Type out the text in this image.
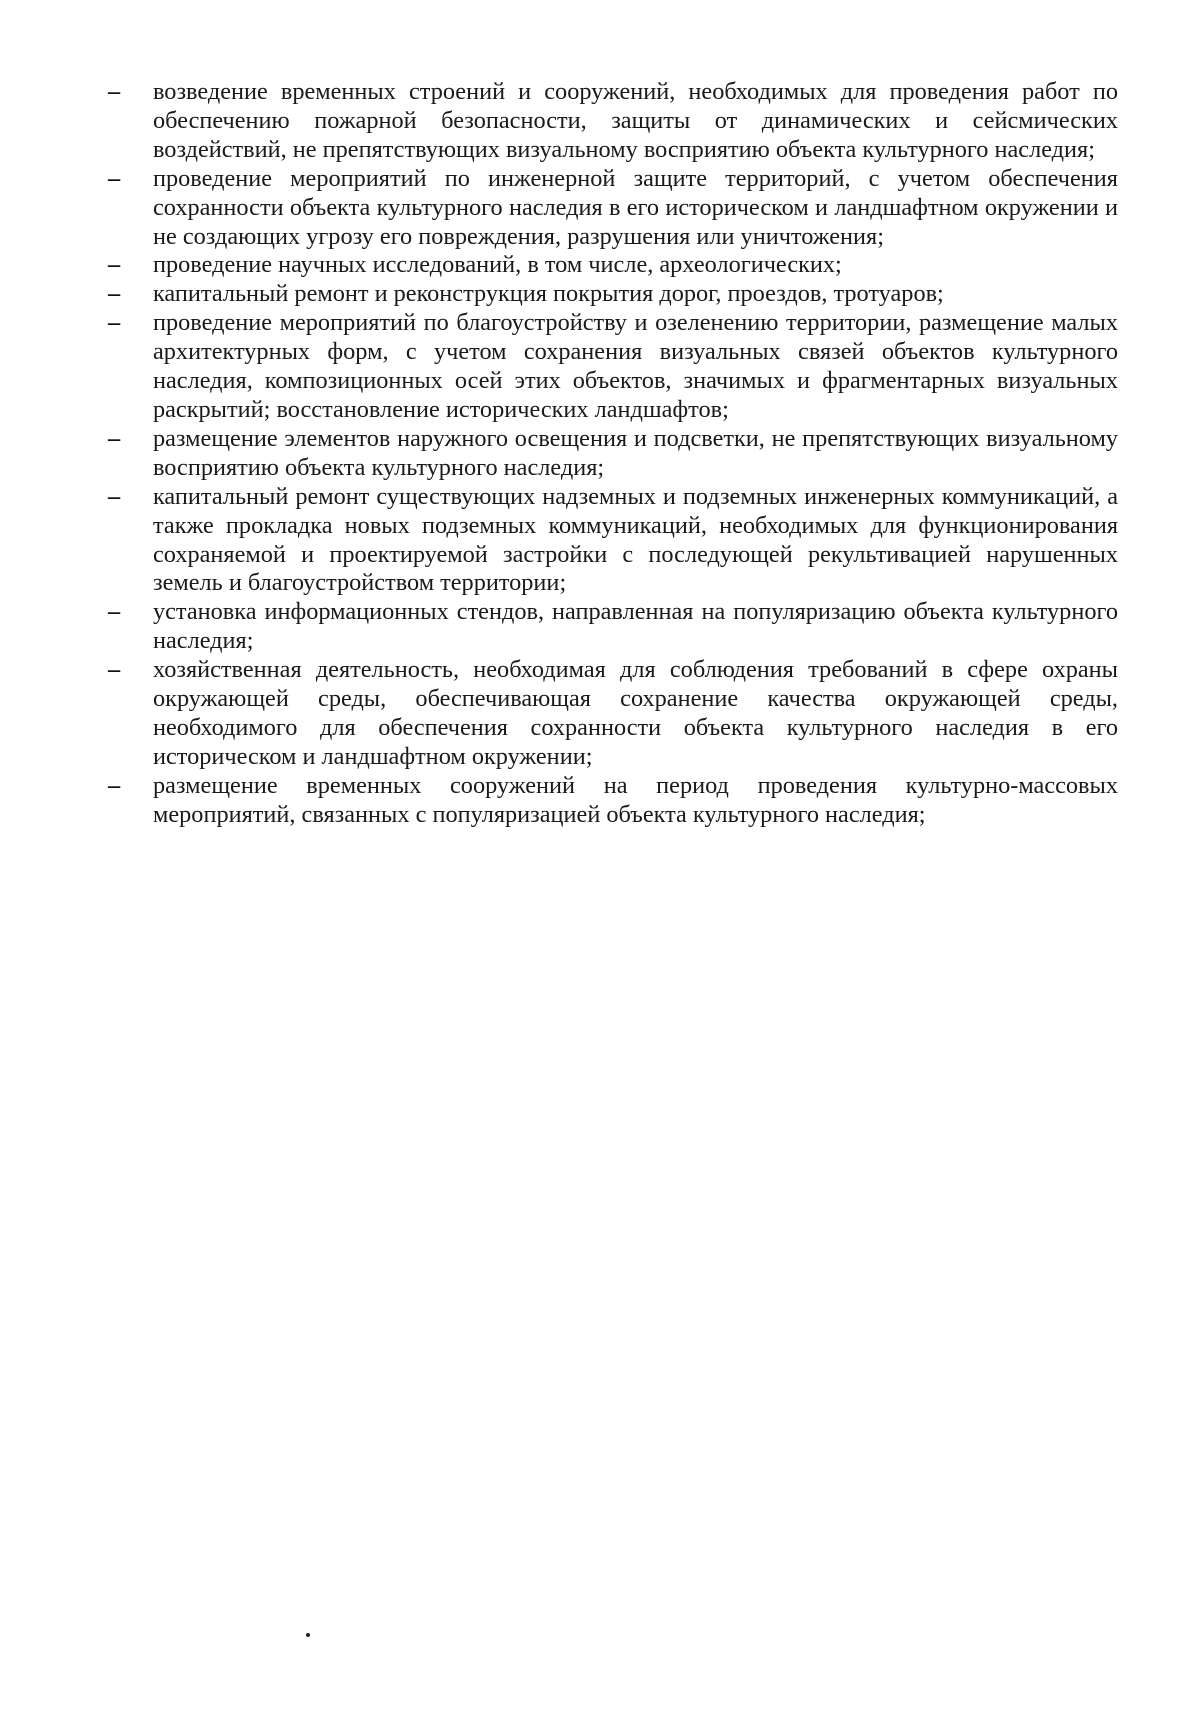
–	возведение временных строений и сооружений, необходимых для проведения работ по обеспечению пожарной безопасности, защиты от динамических и сейсмических воздействий, не препятствующих визуальному восприятию объекта культурного наследия;
–	проведение мероприятий по инженерной защите территорий, с учетом обеспечения сохранности объекта культурного наследия в его историческом и ландшафтном окружении и не создающих угрозу его повреждения, разрушения или уничтожения;
–	проведение научных исследований, в том числе, археологических;
–	капитальный ремонт и реконструкция покрытия дорог, проездов, тротуаров;
–	проведение мероприятий по благоустройству и озеленению территории, размещение малых архитектурных форм, с учетом сохранения визуальных связей объектов культурного наследия, композиционных осей этих объектов, значимых и фрагментарных визуальных раскрытий; восстановление исторических ландшафтов;
–	размещение элементов наружного освещения и подсветки, не препятствующих визуальному восприятию объекта культурного наследия;
–	капитальный ремонт существующих надземных и подземных инженерных коммуникаций, а также прокладка новых подземных коммуникаций, необходимых для функционирования сохраняемой и проектируемой застройки с последующей рекультивацией нарушенных земель и благоустройством территории;
–	установка информационных стендов, направленная на популяризацию объекта культурного наследия;
–	хозяйственная деятельность, необходимая для соблюдения требований в сфере охраны окружающей среды, обеспечивающая сохранение качества окружающей среды, необходимого для обеспечения сохранности объекта культурного наследия в его историческом и ландшафтном окружении;
–	размещение временных сооружений на период проведения культурно-массовых мероприятий, связанных с популяризацией объекта культурного наследия;
